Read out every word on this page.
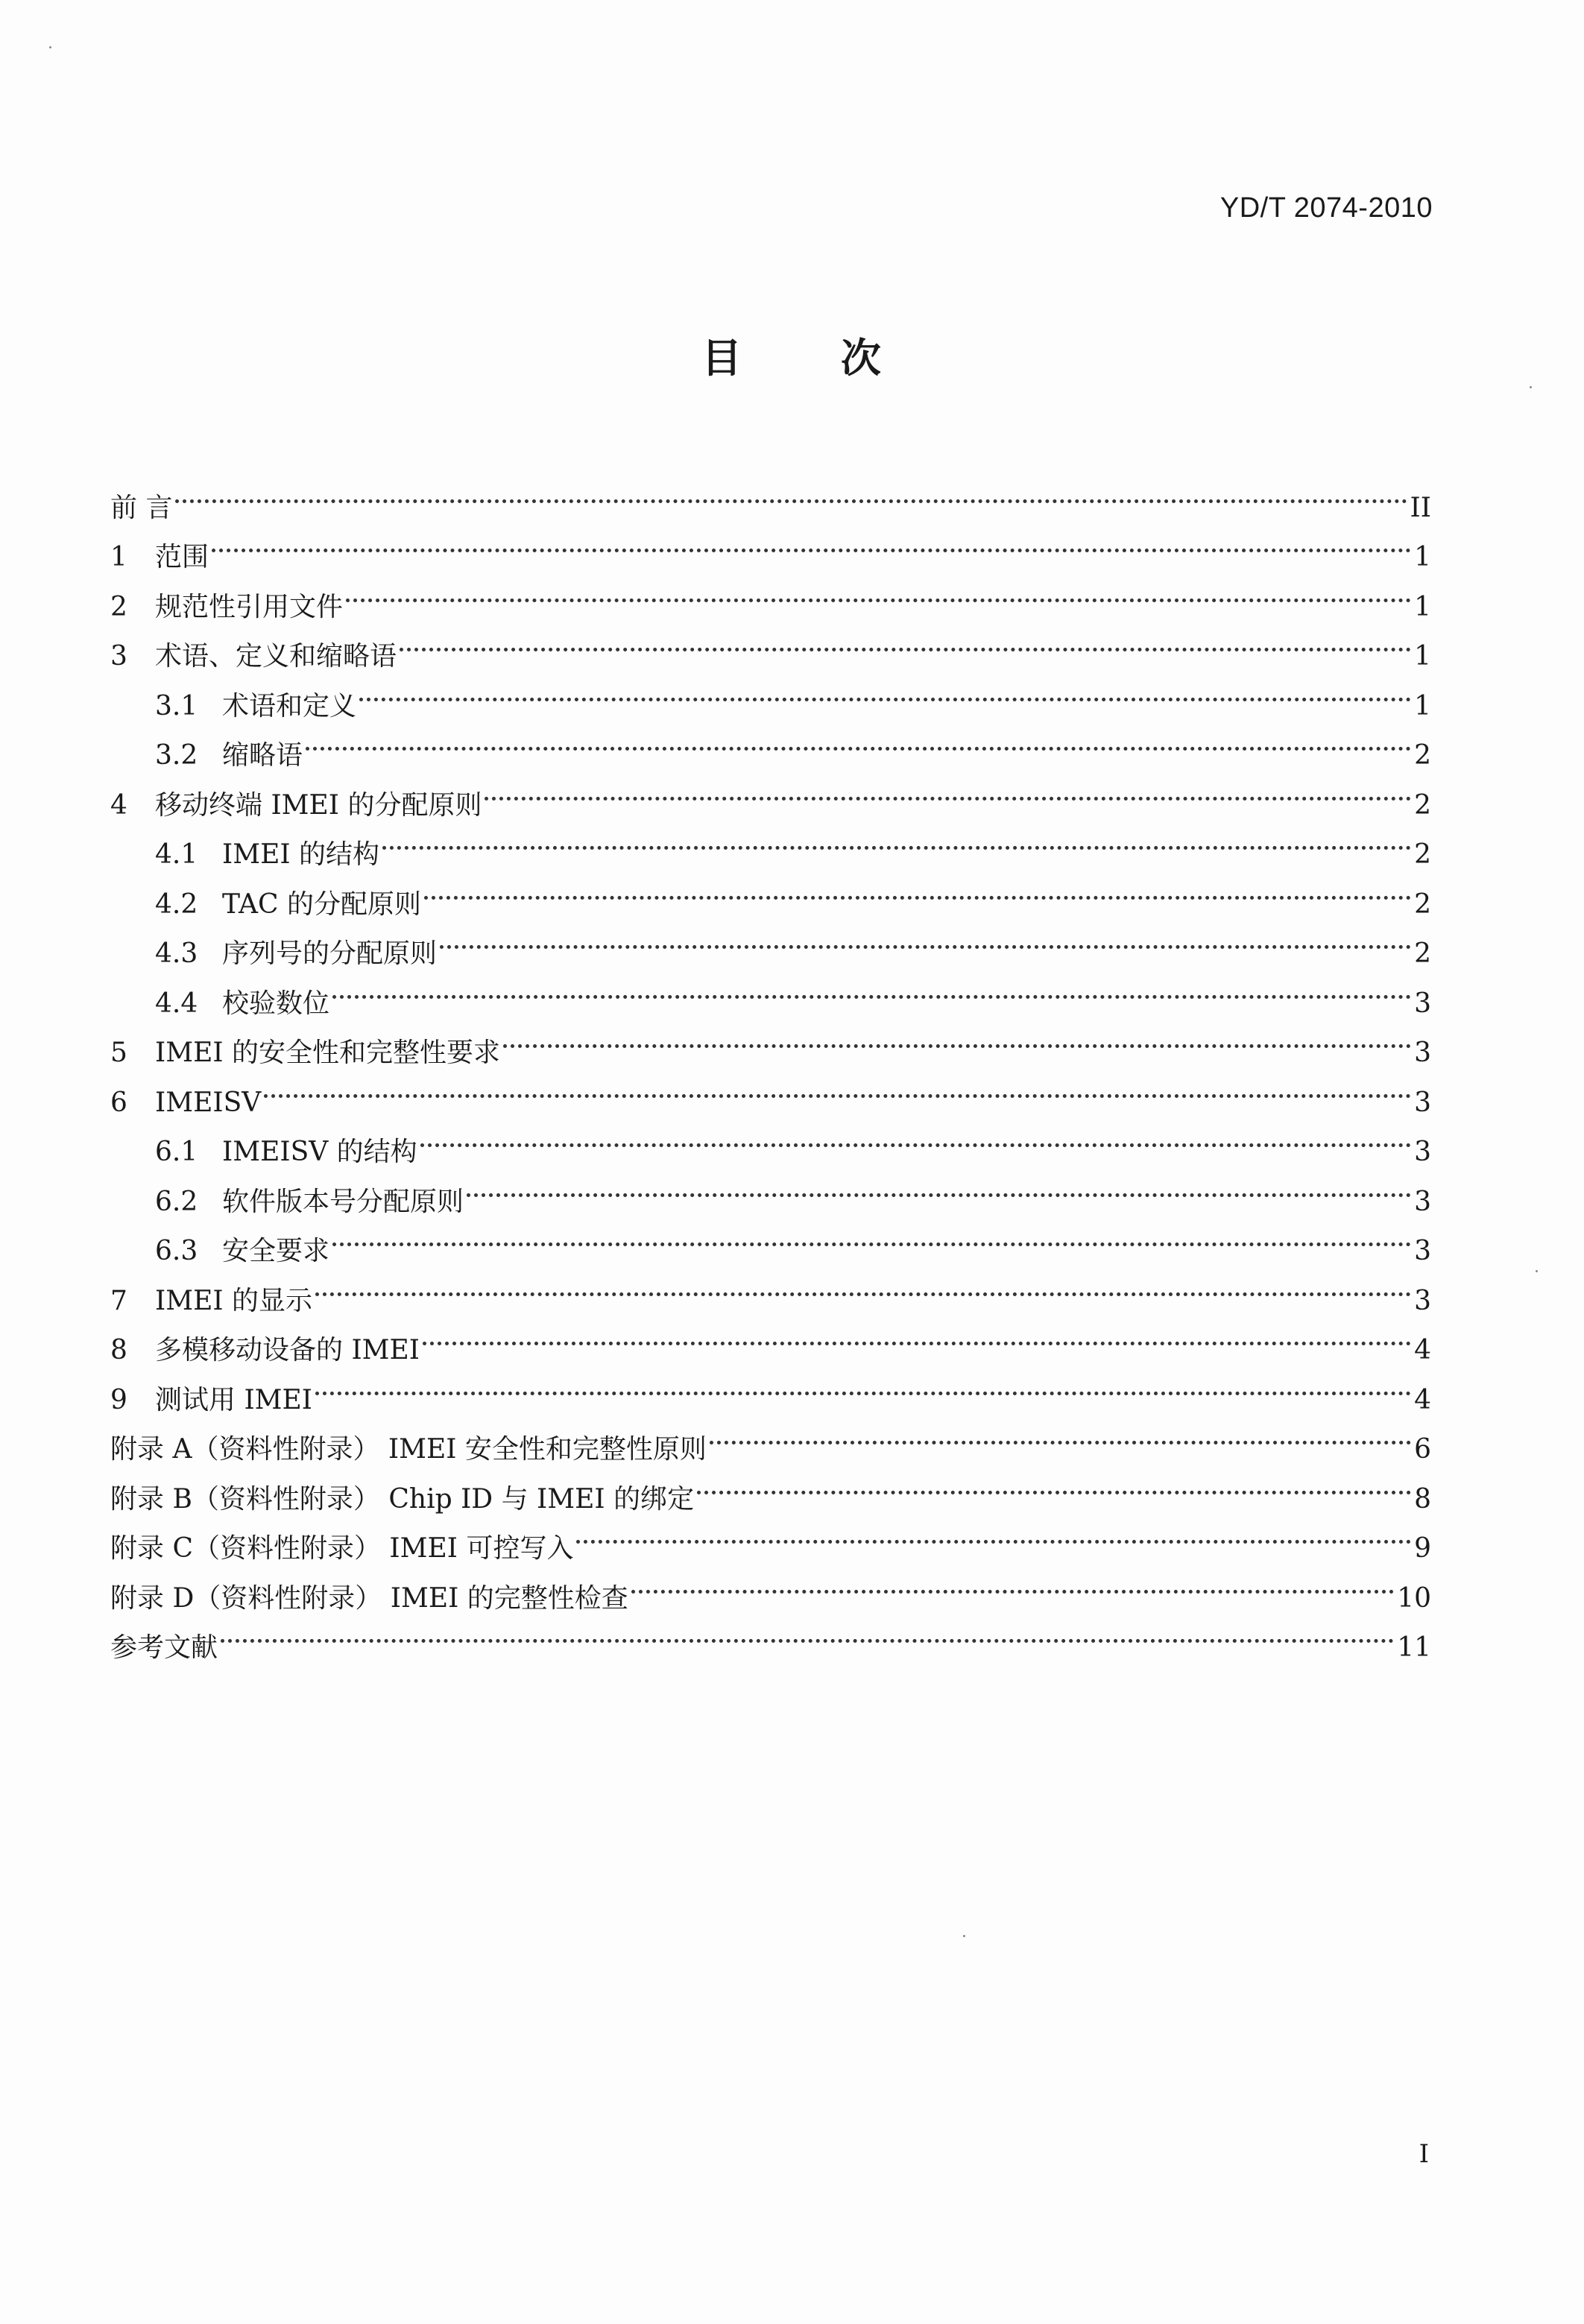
YD/T 2074-2010
目 次
前 言	II
1	范围	1
2	规范性引用文件	1
3	术语、定义和缩略语	1
3.1 术语和定义	1
3.2 缩略语	2
4	移动终端 IMEI 的分配原则	2
4.1 IMEI 的结构	2
4.2 TAC 的分配原则	2
4.3 序列号的分配原则	2
4.4 校验数位	3
5	IMEI 的安全性和完整性要求	3
6	IMEISV	3
6.1 IMEISV 的结构	3
6.2 软件版本号分配原则	3
6.3 安全要求	3
7	IMEI 的显示	3
8	多模移动设备的 IMEI	4
9	测试用 IMEI	4
附录 A（资料性附录） IMEI 安全性和完整性原则	6
附录 B（资料性附录） Chip ID 与 IMEI 的绑定	8
附录 C（资料性附录） IMEI 可控写入	9
附录 D（资料性附录） IMEI 的完整性检查	10
参考文献	11
I
